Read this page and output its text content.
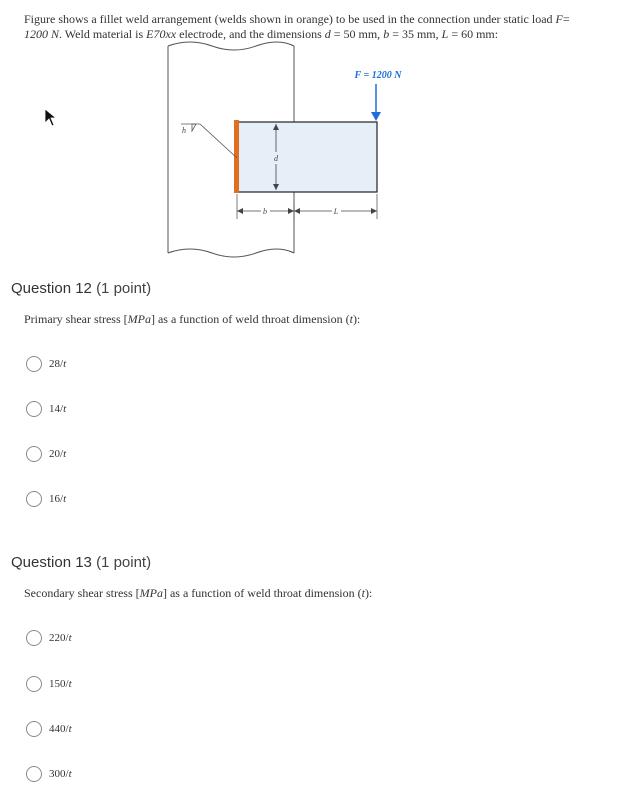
Figure shows a fillet weld arrangement (welds shown in orange) to be used in the connection under static load F=
1200 N. Weld material is E70xx electrode, and the dimensions d = 50 mm, b = 35 mm, L = 60 mm:
F = 1200 N
h
d
b	L
Question 12 (1 point)
Primary shear stress [MPa] as a function of weld throat dimension (t):
28/t
14/t
20/t
16/t
Question 13 (1 point)
Secondary shear stress [MPa] as a function of weld throat dimension (t):
220/t
150/t
440/t
300/t
